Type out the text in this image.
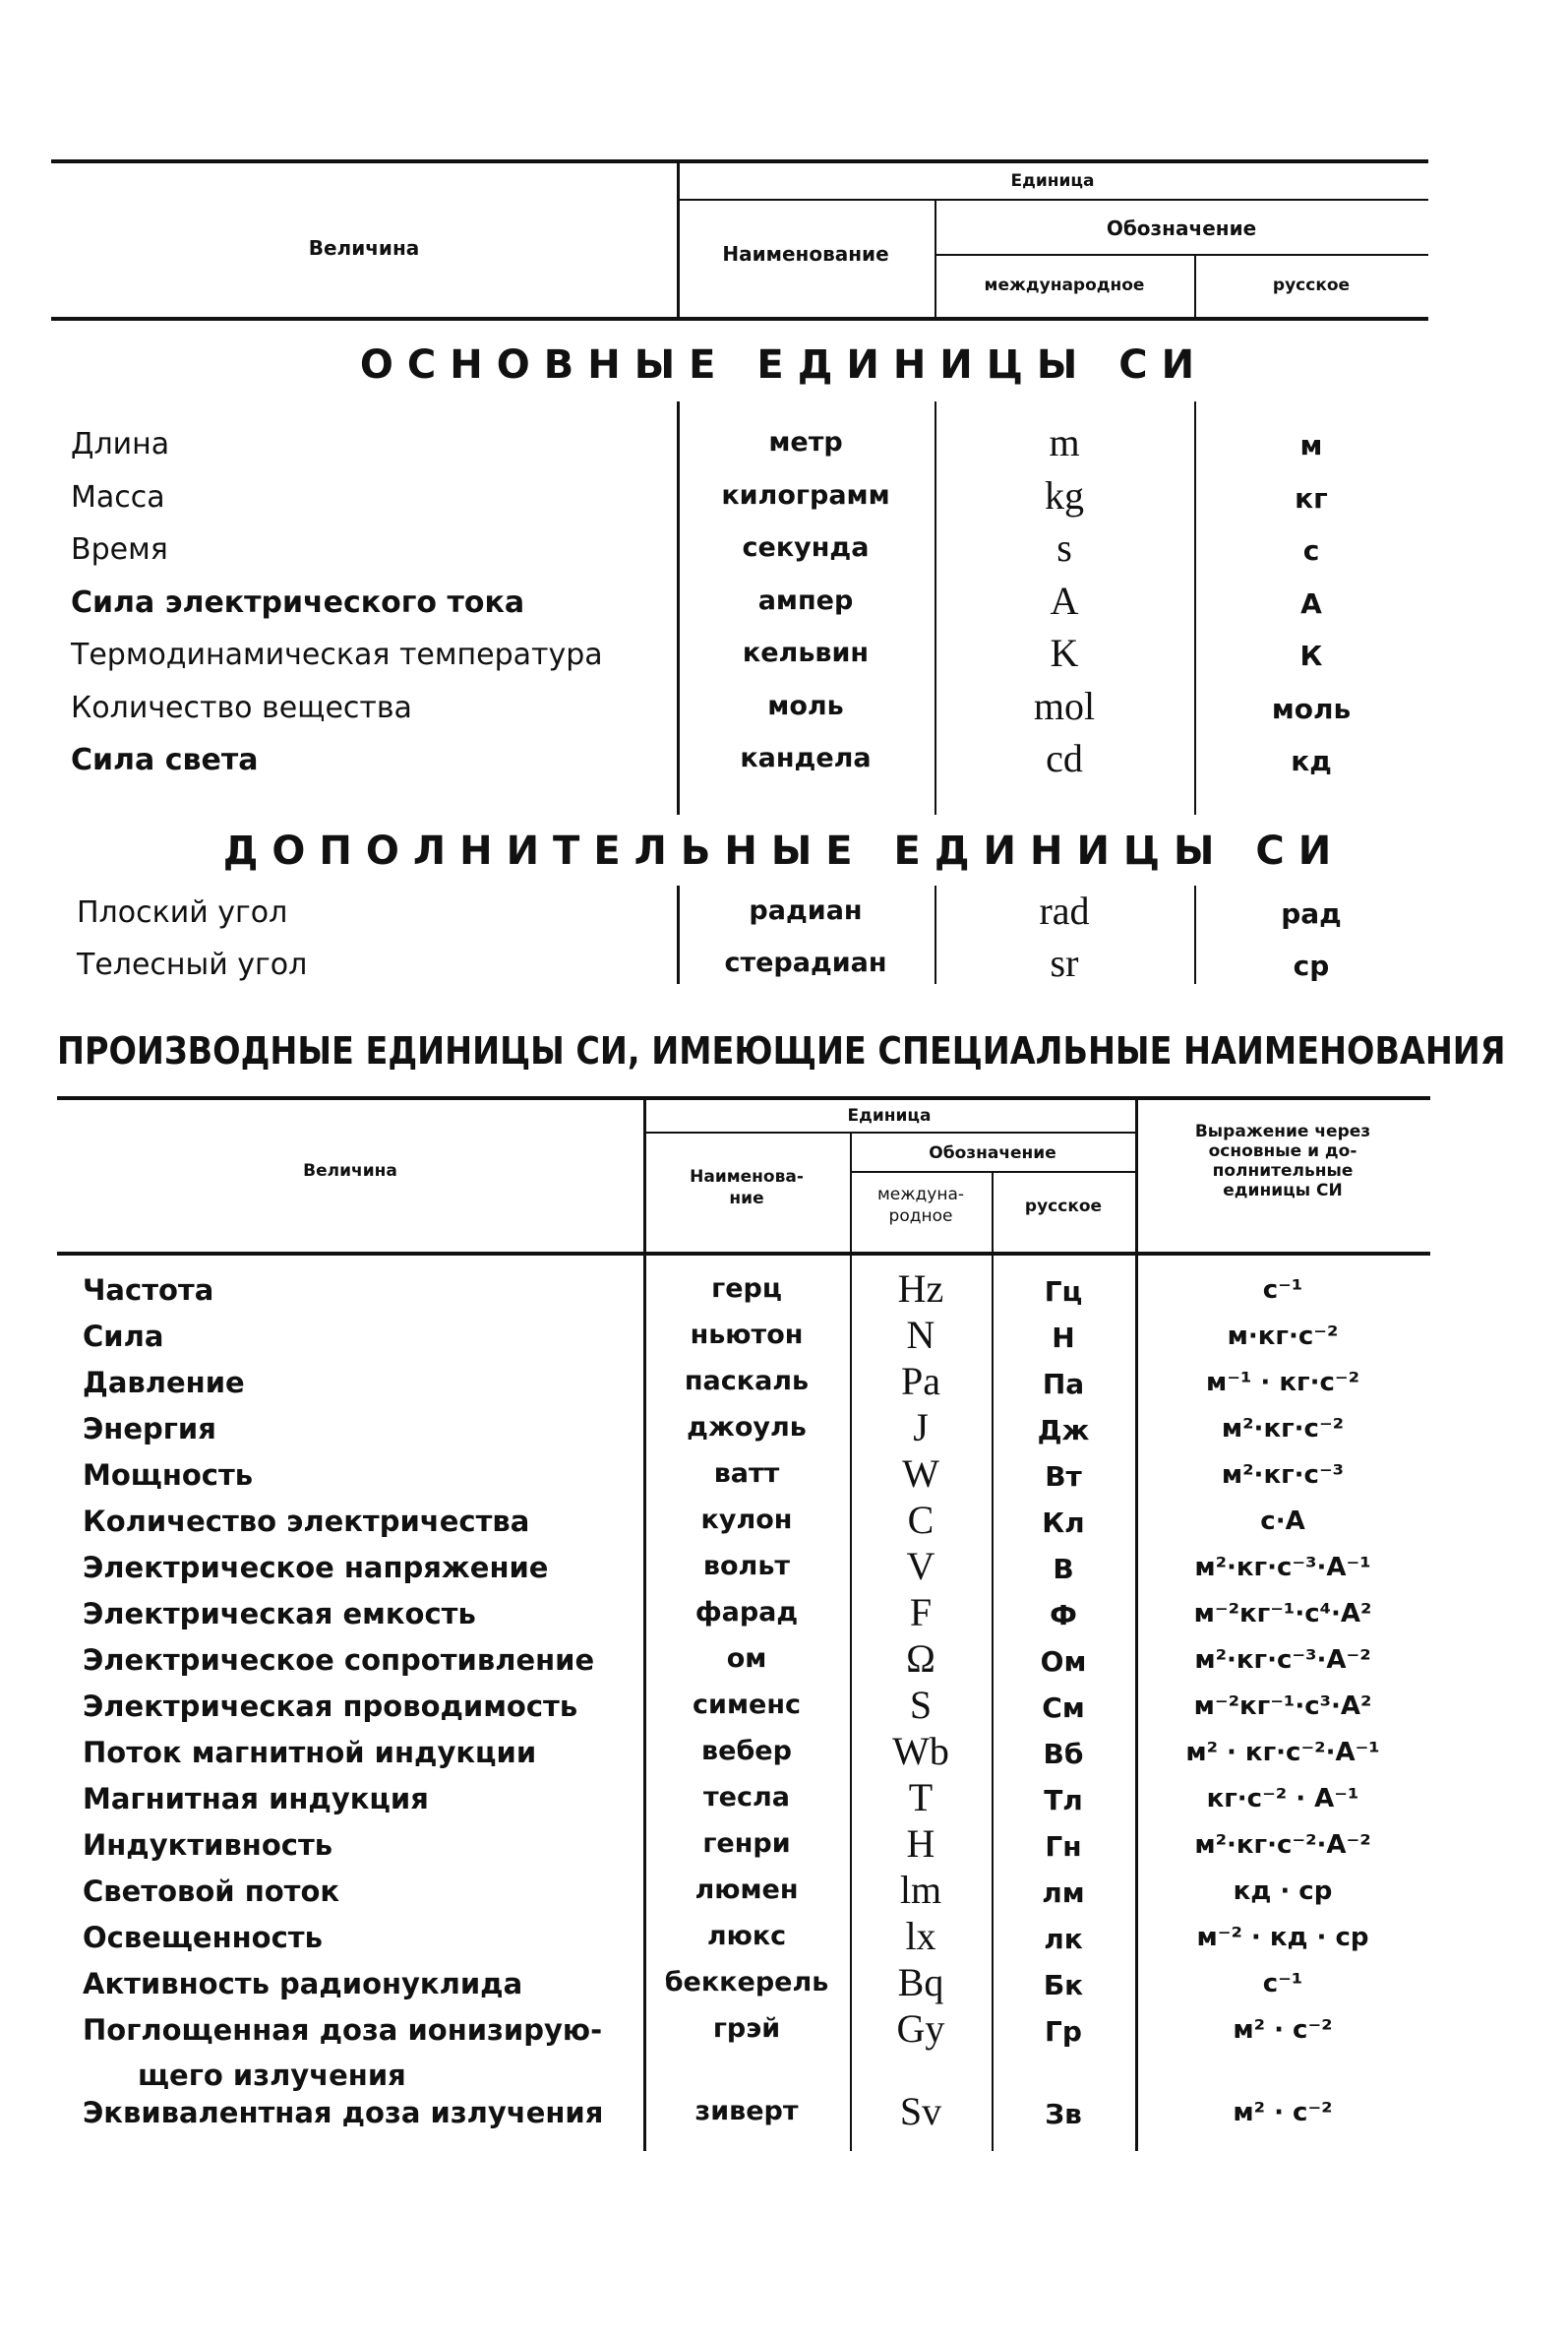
Величина
Единица
Наименование
Обозначение
международное	русское
ОСНОВНЫЕ ЕДИНИЦЫ СИ
Длина	метр	m	м
Масса	килограмм	kg	кг
Время	секунда	s	с
Сила электрического тока	ампер	A	А
Термодинамическая температура	кельвин	K	К
Количество вещества	моль	mol	моль
Сила света	кандела	cd	кд
ДОПОЛНИТЕЛЬНЫЕ ЕДИНИЦЫ СИ
Плоский угол	радиан	rad	рад
Телесный угол	стерадиан	sr	ср
ПРОИЗВОДНЫЕ ЕДИНИЦЫ СИ, ИМЕЮЩИЕ СПЕЦИАЛЬНЫЕ НАИМЕНОВАНИЯ
Величина
Единица
Наименова-
ние
Обозначение
междуна-
родное	русское
Выражение через
основные и до-
полнительные
единицы СИ
Частота	герц	Hz	Гц	с⁻¹
Сила	ньютон	N	Н	м·кг·с⁻²
Давление	паскаль	Pa	Па	м⁻¹ · кг·с⁻²
Энергия	джоуль	J	Дж	м²·кг·с⁻²
Мощность	ватт	W	Вт	м²·кг·с⁻³
Количество электричества	кулон	C	Кл	с·А
Электрическое напряжение	вольт	V	В	м²·кг·с⁻³·А⁻¹
Электрическая емкость	фарад	F	Ф	м⁻²кг⁻¹·с⁴·А²
Электрическое сопротивление	ом	Ω	Ом	м²·кг·с⁻³·А⁻²
Электрическая проводимость	сименс	S	См	м⁻²кг⁻¹·с³·А²
Поток магнитной индукции	вебер	Wb	Вб	м² · кг·с⁻²·А⁻¹
Магнитная индукция	тесла	T	Тл	кг·с⁻² · А⁻¹
Индуктивность	генри	H	Гн	м²·кг·с⁻²·А⁻²
Световой поток	люмен	lm	лм	кд · ср
Освещенность	люкс	lx	лк	м⁻² · кд · ср
Активность радионуклида	беккерель	Bq	Бк	с⁻¹
Поглощенная доза ионизирую-
щего излучения
грэй	Gy	Гр	м² · с⁻²
Эквивалентная доза излучения	зиверт	Sv	Зв	м² · с⁻²
